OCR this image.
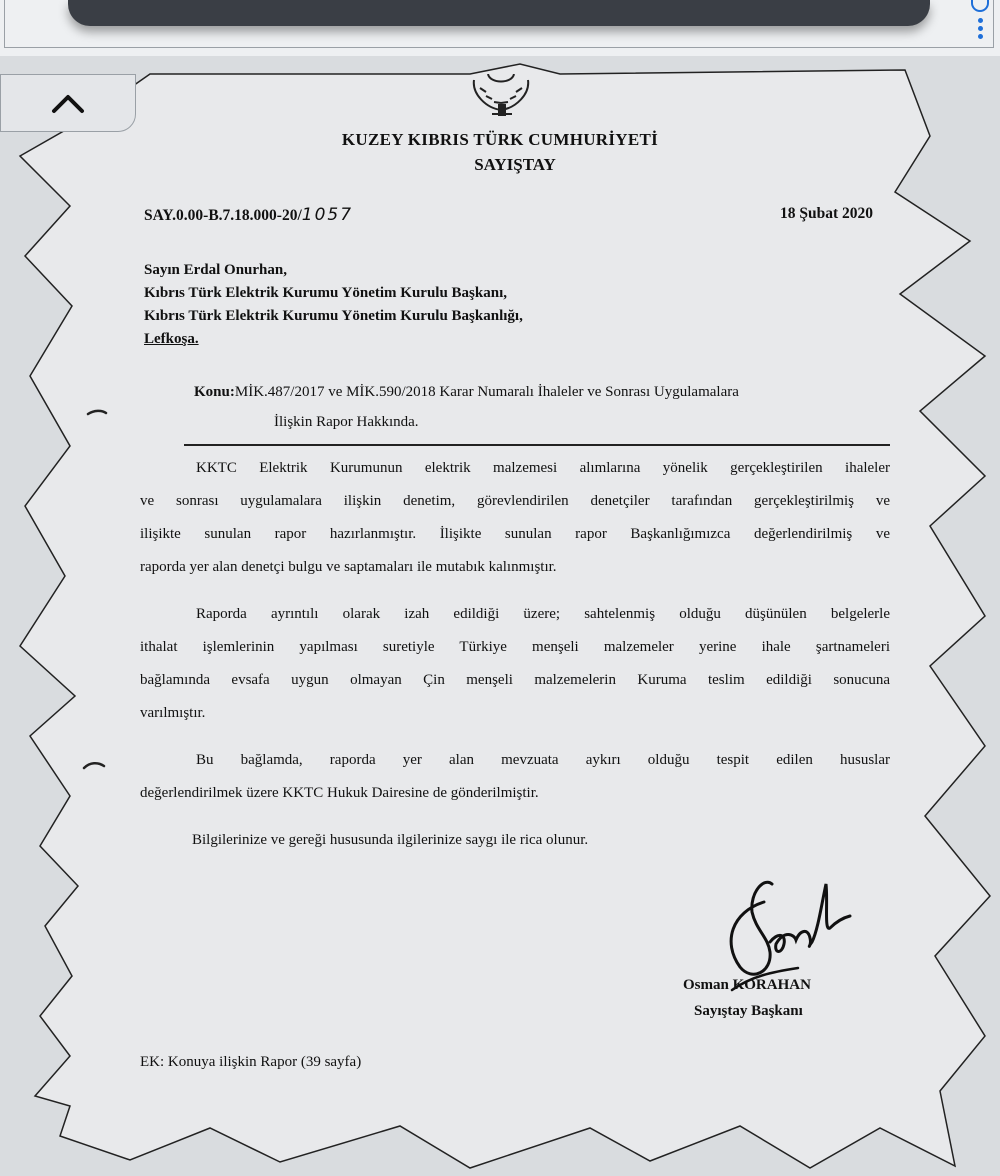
KUZEY KIBRIS TÜRK CUMHURİYETİ
SAYIŞTAY
SAY.0.00-B.7.18.000-20/1057	18 Şubat 2020
Sayın Erdal Onurhan,
Kıbrıs Türk Elektrik Kurumu Yönetim Kurulu Başkanı,
Kıbrıs Türk Elektrik Kurumu Yönetim Kurulu Başkanlığı,
Lefkoşa.
Konu:MİK.487/2017 ve MİK.590/2018 Karar Numaralı İhaleler ve Sonrası Uygulamalara
İlişkin Rapor Hakkında.
KKTC Elektrik Kurumunun elektrik malzemesi alımlarına yönelik gerçekleştirilen ihaleler
ve sonrası uygulamalara ilişkin denetim, görevlendirilen denetçiler tarafından gerçekleştirilmiş ve
ilişikte sunulan rapor hazırlanmıştır. İlişikte sunulan rapor Başkanlığımızca değerlendirilmiş ve
raporda yer alan denetçi bulgu ve saptamaları ile mutabık kalınmıştır.
Raporda ayrıntılı olarak izah edildiği üzere; sahtelenmiş olduğu düşünülen belgelerle
ithalat işlemlerinin yapılması suretiyle Türkiye menşeli malzemeler yerine ihale şartnameleri
bağlamında evsafa uygun olmayan Çin menşeli malzemelerin Kuruma teslim edildiği sonucuna
varılmıştır.
Bu bağlamda, raporda yer alan mevzuata aykırı olduğu tespit edilen hususlar
değerlendirilmek üzere KKTC Hukuk Dairesine de gönderilmiştir.
Bilgilerinize ve gereği hususunda ilgilerinize saygı ile rica olunur.
Osman KORAHAN
Sayıştay Başkanı
EK: Konuya ilişkin Rapor (39 sayfa)
